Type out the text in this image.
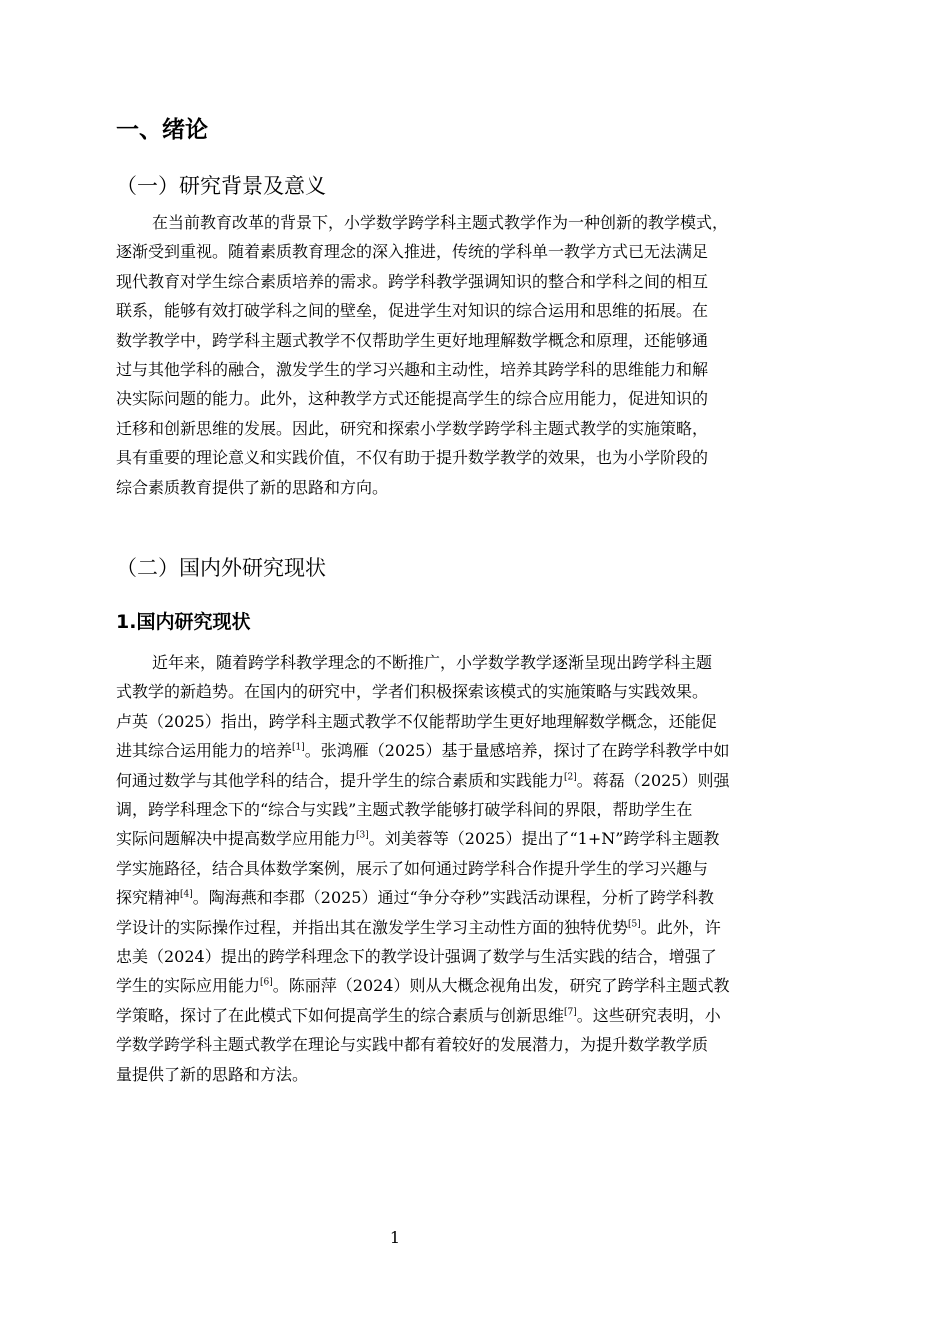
一、绪论
（一）研究背景及意义

在当前教育改革的背景下，小学数学跨学科主题式教学作为一种创新的教学模式，
逐渐受到重视。随着素质教育理念的深入推进，传统的学科单一教学方式已无法满足
现代教育对学生综合素质培养的需求。跨学科教学强调知识的整合和学科之间的相互
联系，能够有效打破学科之间的壁垒，促进学生对知识的综合运用和思维的拓展。在
数学教学中，跨学科主题式教学不仅帮助学生更好地理解数学概念和原理，还能够通
过与其他学科的融合，激发学生的学习兴趣和主动性，培养其跨学科的思维能力和解
决实际问题的能力。此外，这种教学方式还能提高学生的综合应用能力，促进知识的
迁移和创新思维的发展。因此，研究和探索小学数学跨学科主题式教学的实施策略，
具有重要的理论意义和实践价值，不仅有助于提升数学教学的效果，也为小学阶段的
综合素质教育提供了新的思路和方向。

（二）国内外研究现状
1.国内研究现状

近年来，随着跨学科教学理念的不断推广，小学数学教学逐渐呈现出跨学科主题
式教学的新趋势。在国内的研究中，学者们积极探索该模式的实施策略与实践效果。
卢英（2025）指出，跨学科主题式教学不仅能帮助学生更好地理解数学概念，还能促
进其综合运用能力的培养[1]。张鸿雁（2025）基于量感培养，探讨了在跨学科教学中如
何通过数学与其他学科的结合，提升学生的综合素质和实践能力[2]。蒋磊（2025）则强
调，跨学科理念下的“综合与实践”主题式教学能够打破学科间的界限，帮助学生在
实际问题解决中提高数学应用能力[3]。刘美蓉等（2025）提出了“1+N”跨学科主题教
学实施路径，结合具体数学案例，展示了如何通过跨学科合作提升学生的学习兴趣与
探究精神[4]。陶海燕和李郡（2025）通过“争分夺秒”实践活动课程，分析了跨学科教
学设计的实际操作过程，并指出其在激发学生学习主动性方面的独特优势[5]。此外，许
忠美（2024）提出的跨学科理念下的教学设计强调了数学与生活实践的结合，增强了
学生的实际应用能力[6]。陈丽萍（2024）则从大概念视角出发，研究了跨学科主题式教
学策略，探讨了在此模式下如何提高学生的综合素质与创新思维[7]。这些研究表明，小
学数学跨学科主题式教学在理论与实践中都有着较好的发展潜力，为提升数学教学质
量提供了新的思路和方法。

1
